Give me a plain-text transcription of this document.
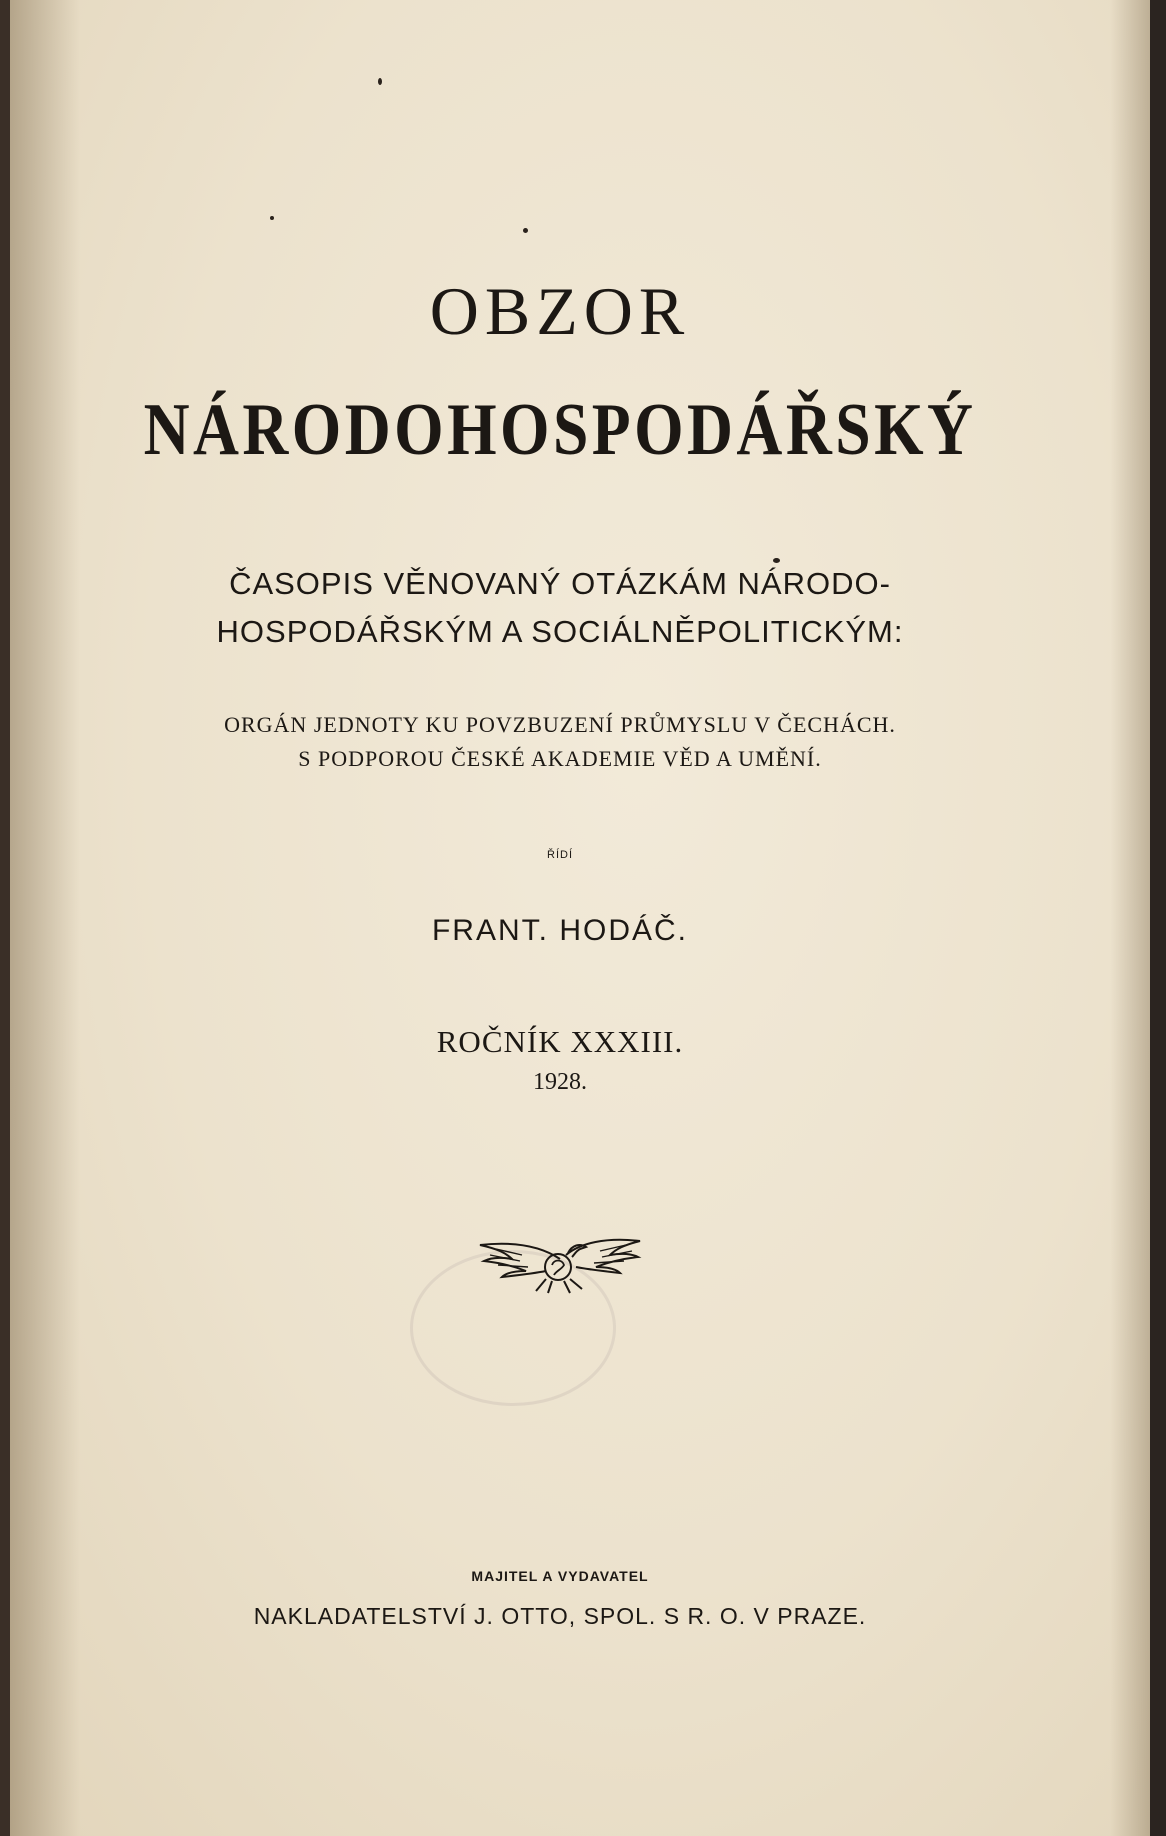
OBZOR
NÁRODOHOSPODÁŘSKÝ

ČASOPIS VĚNOVANÝ OTÁZKÁM NÁRODO-

HOSPODÁŘSKÝM A SOCIÁLNĚPOLITICKÝM:

ORGÁN JEDNOTY KU POVZBUZENÍ PRŮMYSLU V ČECHÁCH.

S PODPOROU ČESKÉ AKADEMIE VĚD A UMĚNÍ.

ŘÍDÍ

FRANT. HODÁČ.

ROČNÍK XXXIII.

1928.

MAJITEL A VYDAVATEL

NAKLADATELSTVÍ J. OTTO, SPOL. S R. O. V PRAZE.
